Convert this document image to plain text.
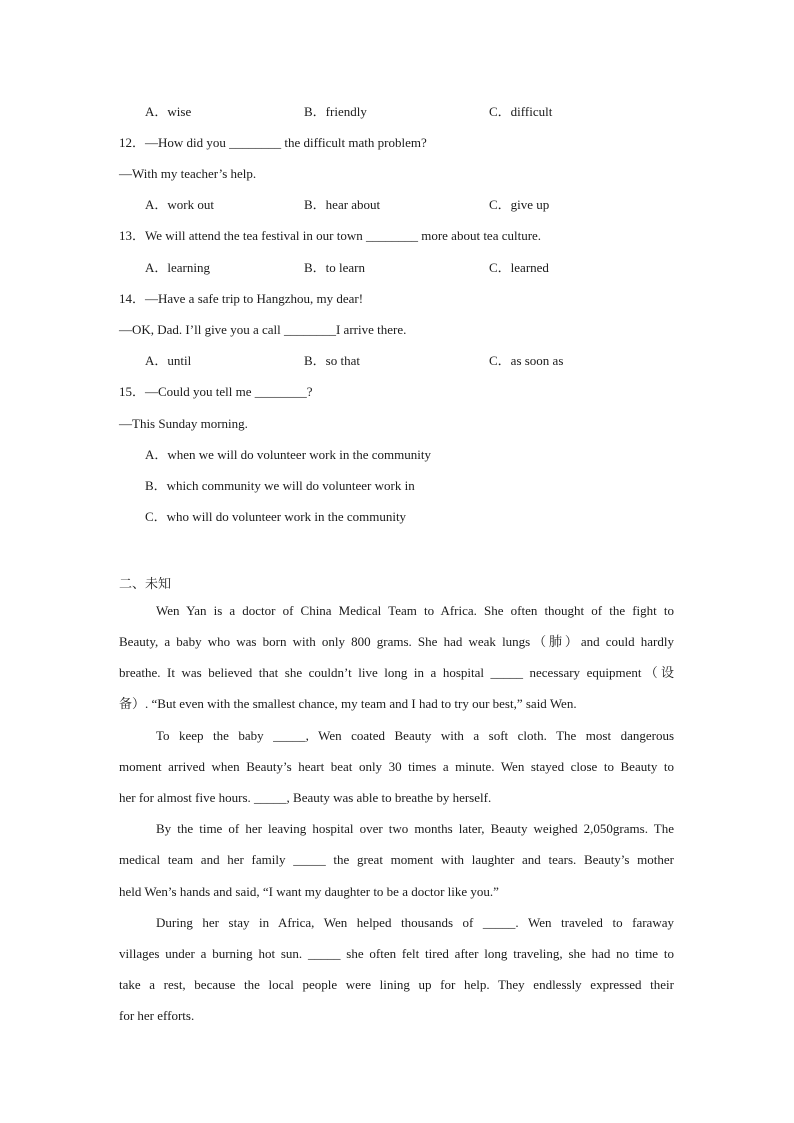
A．wise	B．friendly	C．difficult
12．—How did you ________ the difficult math problem?
—With my teacher’s help.
A．work out	B．hear about	C．give up
13．We will attend the tea festival in our town ________ more about tea culture.
A．learning	B．to learn	C．learned
14．—Have a safe trip to Hangzhou, my dear!
—OK, Dad. I’ll give you a call ________I arrive there.
A．until	B．so that	C．as soon as
15．—Could you tell me ________?
—This Sunday morning.
A．when we will do volunteer work in the community
B．which community we will do volunteer work in
C．who will do volunteer work in the community
二、未知
Wen Yan is a doctor of China Medical Team to Africa. She often thought of the fight to
Beauty, a baby who was born with only 800 grams. She had weak lungs（肺）and could hardly
breathe. It was believed that she couldn’t live long in a hospital _____ necessary equipment（设
备）. “But even with the smallest chance, my team and I had to try our best,” said Wen.
To keep the baby _____, Wen coated Beauty with a soft cloth. The most dangerous
moment arrived when Beauty’s heart beat only 30 times a minute. Wen stayed close to Beauty to
her for almost five hours. _____, Beauty was able to breathe by herself.
By the time of her leaving hospital over two months later, Beauty weighed 2,050grams. The
medical team and her family _____ the great moment with laughter and tears. Beauty’s mother
held Wen’s hands and said, “I want my daughter to be a doctor like you.”
During her stay in Africa, Wen helped thousands of _____. Wen traveled to faraway
villages under a burning hot sun. _____ she often felt tired after long traveling, she had no time to
take a rest, because the local people were lining up for help. They endlessly expressed their
for her efforts.
